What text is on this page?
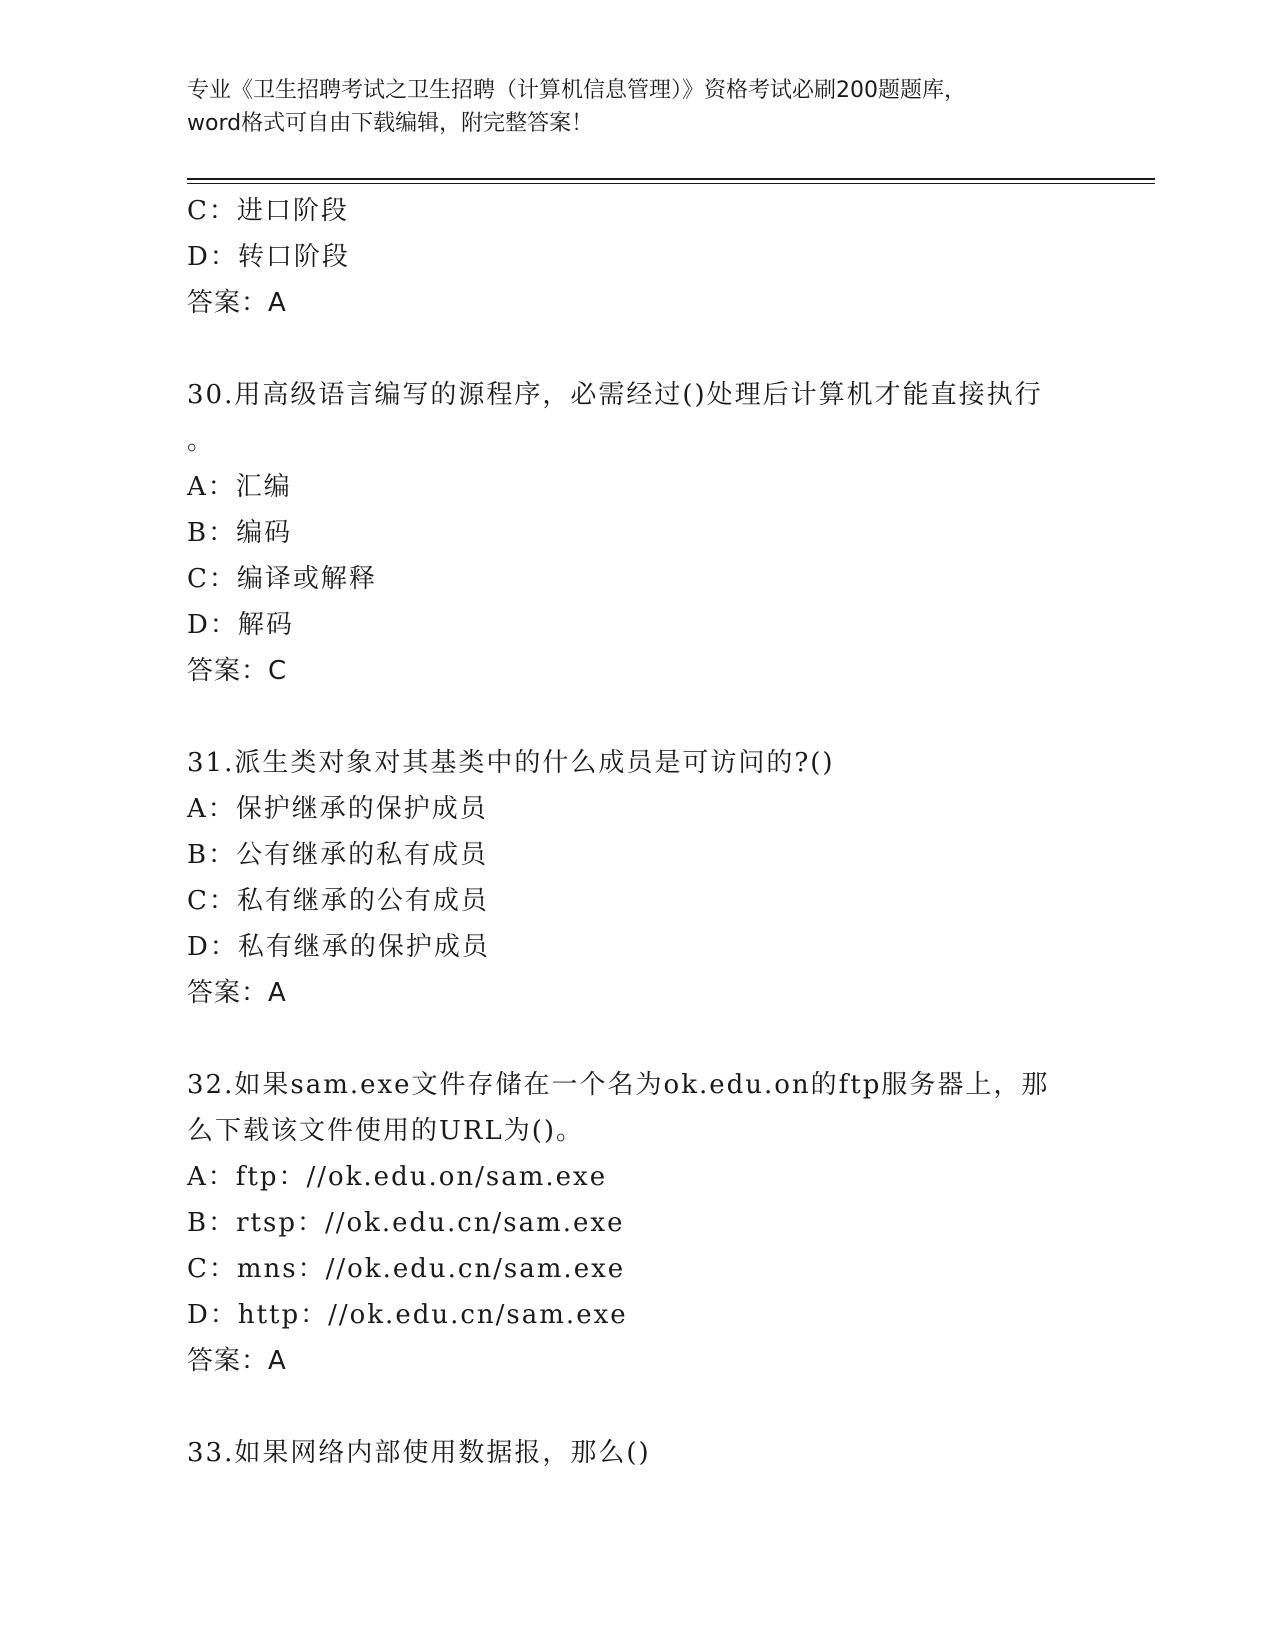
专业《卫生招聘考试之卫生招聘（计算机信息管理）》资格考试必刷200题题库，
word格式可自由下载编辑，附完整答案！
C：进口阶段
D：转口阶段
答案：A
30.用高级语言编写的源程序，必需经过()处理后计算机才能直接执行
。
A：汇编
B：编码
C：编译或解释
D：解码
答案：C
31.派生类对象对其基类中的什么成员是可访问的?()
A：保护继承的保护成员
B：公有继承的私有成员
C：私有继承的公有成员
D：私有继承的保护成员
答案：A
32.如果sam.exe文件存储在一个名为ok.edu.on的ftp服务器上，那
么下载该文件使用的URL为()。
A：ftp：//ok.edu.on/sam.exe
B：rtsp：//ok.edu.cn/sam.exe
C：mns：//ok.edu.cn/sam.exe
D：http：//ok.edu.cn/sam.exe
答案：A
33.如果网络内部使用数据报，那么()
